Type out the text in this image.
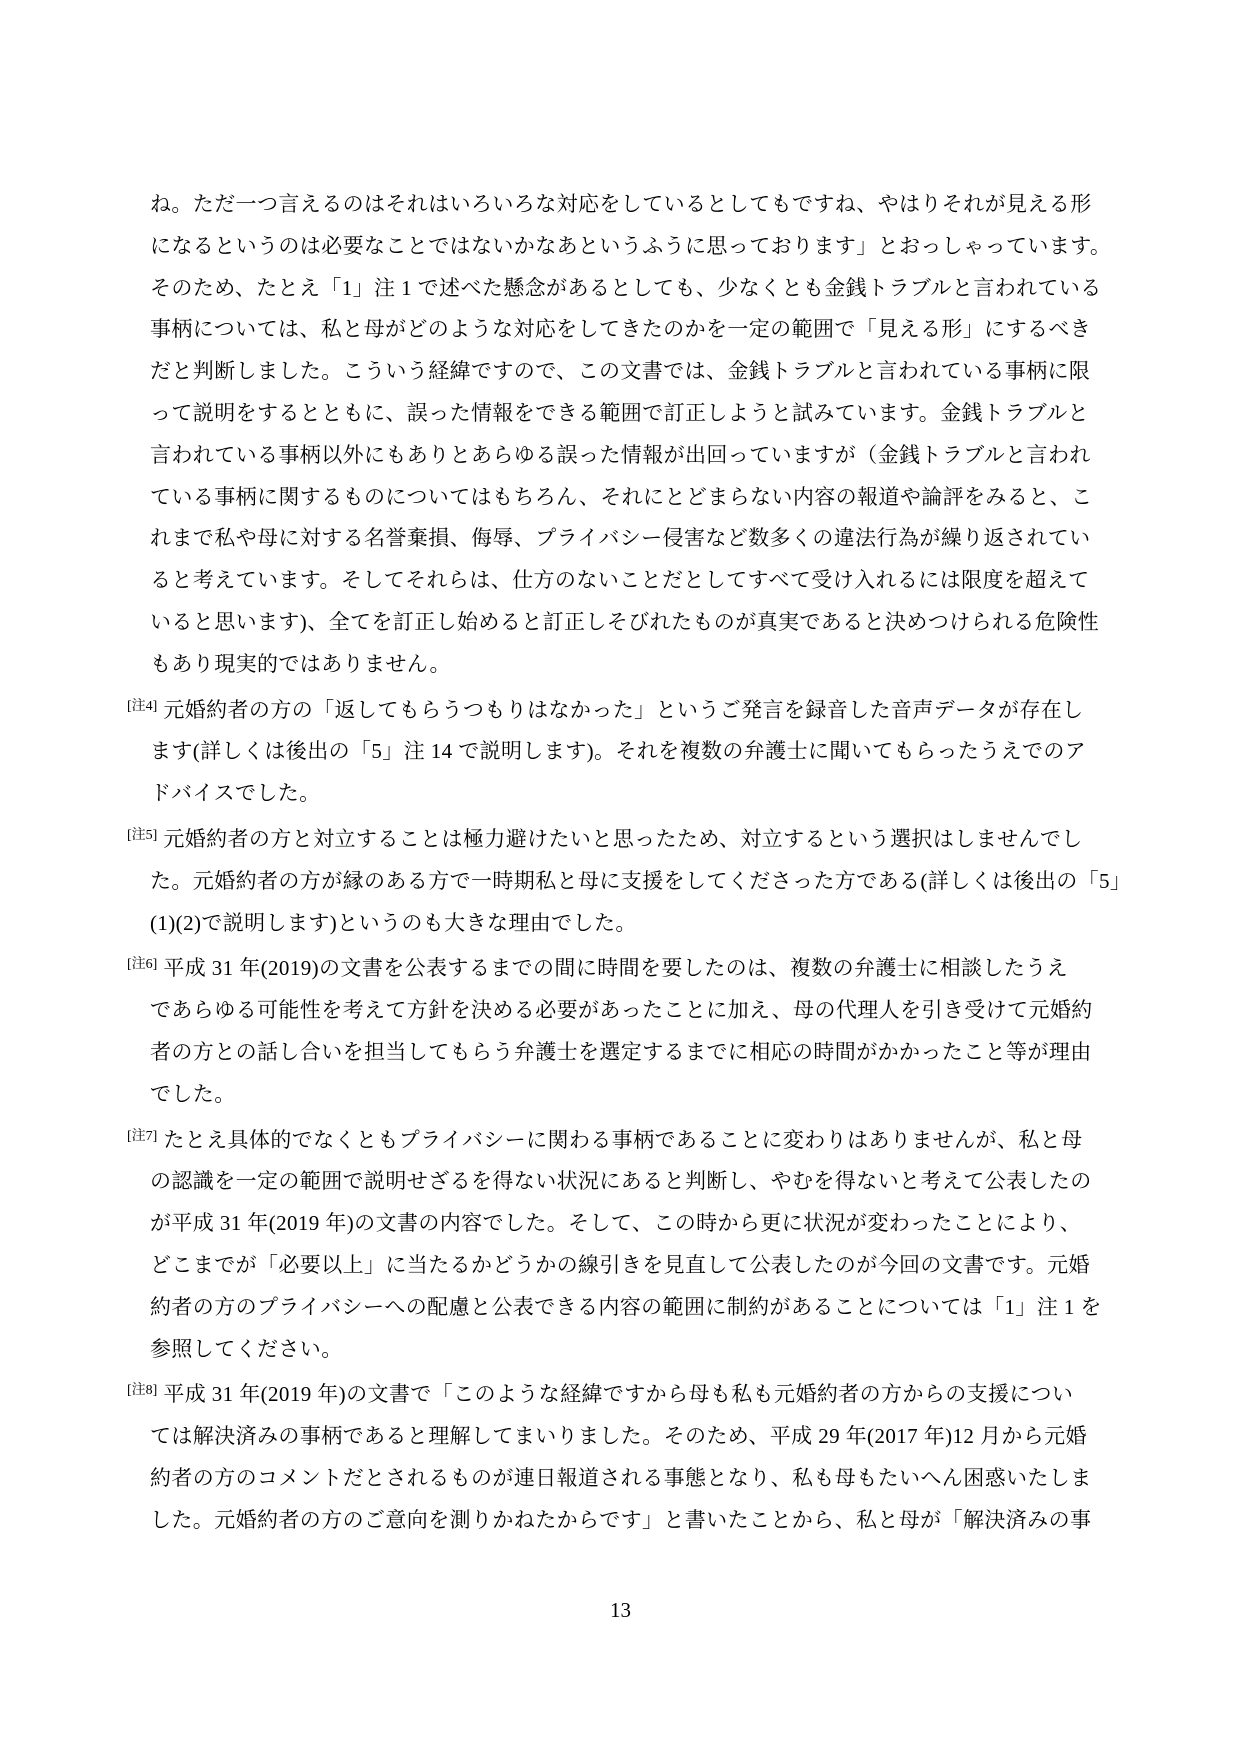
ね。ただ一つ言えるのはそれはいろいろな対応をしているとしてもですね、やはりそれが見える形
になるというのは必要なことではないかなあというふうに思っております」とおっしゃっています。
そのため、たとえ「1」注 1 で述べた懸念があるとしても、少なくとも金銭トラブルと言われている
事柄については、私と母がどのような対応をしてきたのかを一定の範囲で「見える形」にするべき
だと判断しました。こういう経緯ですので、この文書では、金銭トラブルと言われている事柄に限
って説明をするとともに、誤った情報をできる範囲で訂正しようと試みています。金銭トラブルと
言われている事柄以外にもありとあらゆる誤った情報が出回っていますが（金銭トラブルと言われ
ている事柄に関するものについてはもちろん、それにとどまらない内容の報道や論評をみると、こ
れまで私や母に対する名誉棄損、侮辱、プライバシー侵害など数多くの違法行為が繰り返されてい
ると考えています。そしてそれらは、仕方のないことだとしてすべて受け入れるには限度を超えて
いると思います)、全てを訂正し始めると訂正しそびれたものが真実であると決めつけられる危険性
もあり現実的ではありません。
[注4] 元婚約者の方の「返してもらうつもりはなかった」というご発言を録音した音声データが存在し
ます(詳しくは後出の「5」注 14 で説明します)。それを複数の弁護士に聞いてもらったうえでのア
ドバイスでした。
[注5] 元婚約者の方と対立することは極力避けたいと思ったため、対立するという選択はしませんでし
た。元婚約者の方が縁のある方で一時期私と母に支援をしてくださった方である(詳しくは後出の「5」
(1)(2)で説明します)というのも大きな理由でした。
[注6] 平成 31 年(2019)の文書を公表するまでの間に時間を要したのは、複数の弁護士に相談したうえ
であらゆる可能性を考えて方針を決める必要があったことに加え、母の代理人を引き受けて元婚約
者の方との話し合いを担当してもらう弁護士を選定するまでに相応の時間がかかったこと等が理由
でした。
[注7] たとえ具体的でなくともプライバシーに関わる事柄であることに変わりはありませんが、私と母
の認識を一定の範囲で説明せざるを得ない状況にあると判断し、やむを得ないと考えて公表したの
が平成 31 年(2019 年)の文書の内容でした。そして、この時から更に状況が変わったことにより、
どこまでが「必要以上」に当たるかどうかの線引きを見直して公表したのが今回の文書です。元婚
約者の方のプライバシーへの配慮と公表できる内容の範囲に制約があることについては「1」注 1 を
参照してください。
[注8] 平成 31 年(2019 年)の文書で「このような経緯ですから母も私も元婚約者の方からの支援につい
ては解決済みの事柄であると理解してまいりました。そのため、平成 29 年(2017 年)12 月から元婚
約者の方のコメントだとされるものが連日報道される事態となり、私も母もたいへん困惑いたしま
した。元婚約者の方のご意向を測りかねたからです」と書いたことから、私と母が「解決済みの事
13
